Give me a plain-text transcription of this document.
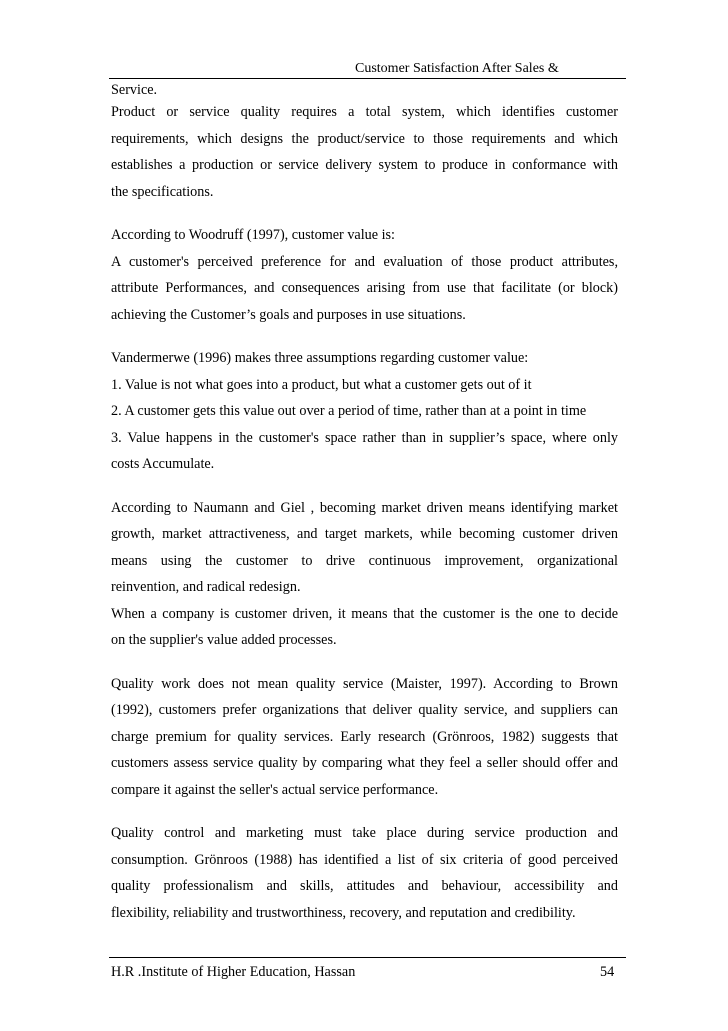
Customer Satisfaction After Sales &
Service.
Product or service quality requires a total system, which identifies customer
requirements, which designs the product/service to those requirements and which
establishes a production or service delivery system to produce in conformance with
the specifications.
According to Woodruff (1997), customer value is:
A customer's perceived preference for and evaluation of those product attributes,
attribute Performances, and consequences arising from use that facilitate (or block)
achieving the Customer’s goals and purposes in use situations.
Vandermerwe (1996) makes three assumptions regarding customer value:
1. Value is not what goes into a product, but what a customer gets out of it
2. A customer gets this value out over a period of time, rather than at a point in time
3. Value happens in the customer's space rather than in supplier’s space, where only
costs Accumulate.
According to Naumann and Giel , becoming market driven means identifying market
growth, market attractiveness, and target markets, while becoming customer driven
means using the customer to drive continuous improvement, organizational
reinvention, and radical redesign.
When a company is customer driven, it means that the customer is the one to decide
on the supplier's value added processes.
Quality work does not mean quality service (Maister, 1997). According to Brown
(1992), customers prefer organizations that deliver quality service, and suppliers can
charge premium for quality services. Early research (Grönroos, 1982) suggests that
customers assess service quality by comparing what they feel a seller should offer and
compare it against the seller's actual service performance.
Quality control and marketing must take place during service production and
consumption. Grönroos (1988) has identified a list of six criteria of good perceived
quality professionalism and skills, attitudes and behaviour, accessibility and
flexibility, reliability and trustworthiness, recovery, and reputation and credibility.
H.R .Institute of Higher Education, Hassan	54
